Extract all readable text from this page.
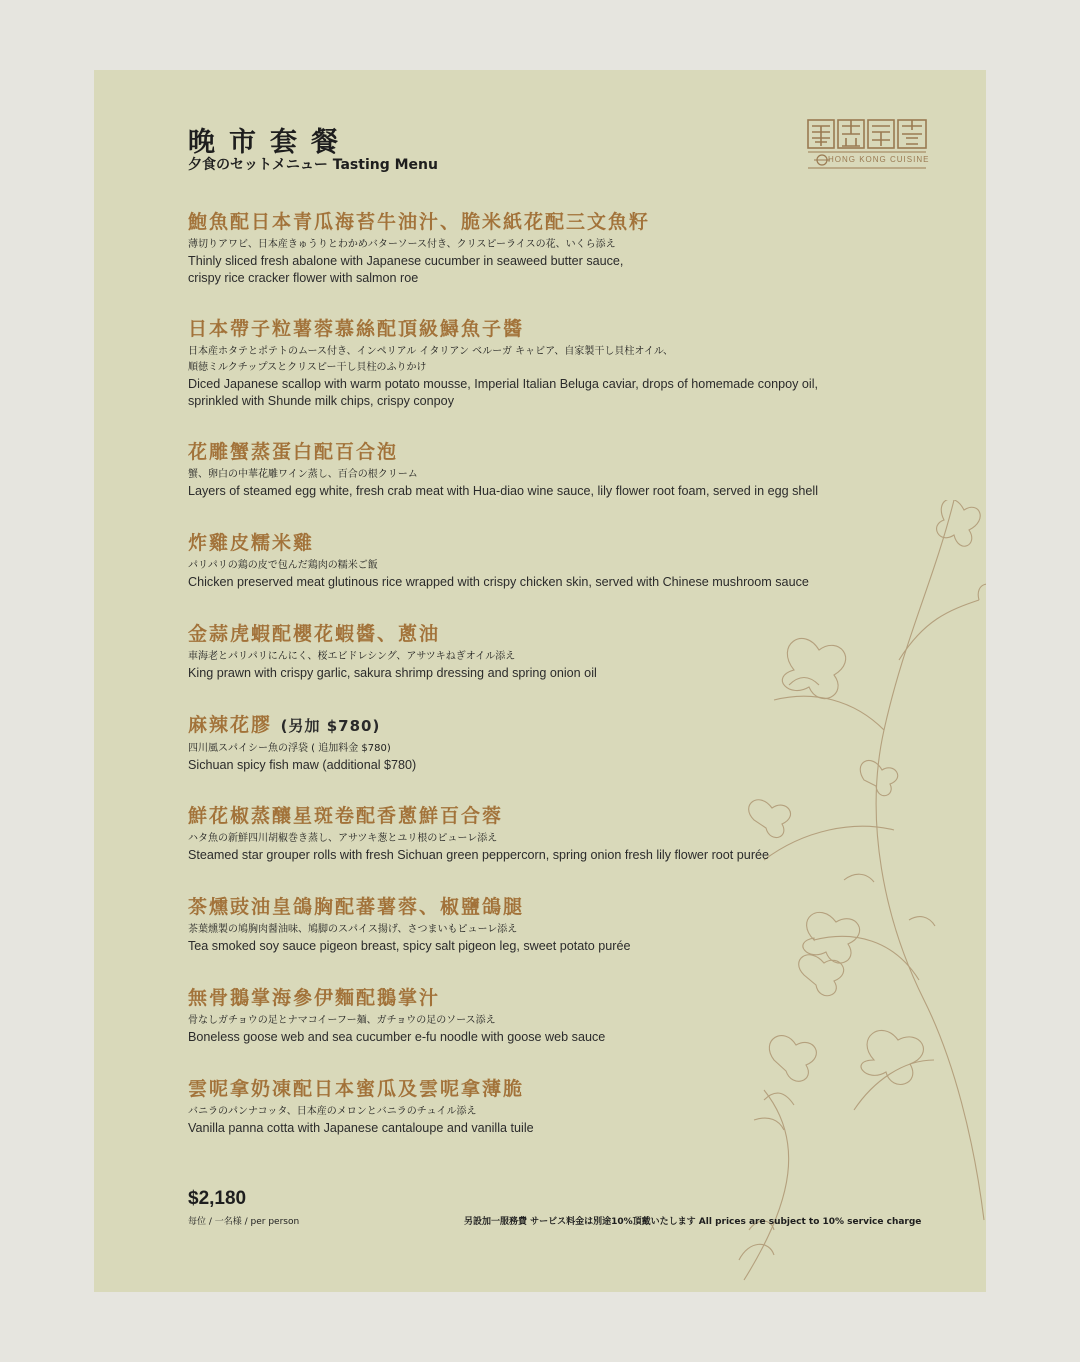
晚市套餐

夕食のセットメニュー Tasting Menu	HONG KONG CUISINE

鮑魚配日本青瓜海苔牛油汁、脆米紙花配三文魚籽

薄切りアワビ、日本産きゅうりとわかめバターソース付き、クリスピーライスの花、いくら添え

Thinly sliced fresh abalone with Japanese cucumber in seaweed butter sauce,
crispy rice cracker flower with salmon roe

日本帶子粒薯蓉慕絲配頂級鱘魚子醬

日本産ホタテとポテトのムース付き、インペリアル イタリアン ベルーガ キャビア、自家製干し貝柱オイル、
順徳ミルクチップスとクリスピー干し貝柱のふりかけ

Diced Japanese scallop with warm potato mousse, Imperial Italian Beluga caviar, drops of homemade conpoy oil,
sprinkled with Shunde milk chips, crispy conpoy

花雕蟹蒸蛋白配百合泡

蟹、卵白の中華花雕ワイン蒸し、百合の根クリーム

Layers of steamed egg white, fresh crab meat with Hua-diao wine sauce, lily flower root foam, served in egg shell

炸雞皮糯米雞

パリパリの鶏の皮で包んだ鶏肉の糯米ご飯

Chicken preserved meat glutinous rice wrapped with crispy chicken skin, served with Chinese mushroom sauce

金蒜虎蝦配櫻花蝦醬、蔥油

車海老とパリパリにんにく、桜エビドレシング、アサツキねぎオイル添え

King prawn with crispy garlic, sakura shrimp dressing and spring onion oil

麻辣花膠 (另加 $780)

四川風スパイシー魚の浮袋 ( 追加料金 $780)

Sichuan spicy fish maw (additional $780)

鮮花椒蒸釀星斑卷配香蔥鮮百合蓉

ハタ魚の新鮮四川胡椒巻き蒸し、アサツキ葱とユリ根のピューレ添え

Steamed star grouper rolls with fresh Sichuan green peppercorn, spring onion fresh lily flower root purée

茶燻豉油皇鴿胸配蕃薯蓉、椒鹽鴿腿

茶葉燻製の鳩胸肉醤油味、鳩脚のスパイス揚げ、さつまいもピューレ添え

Tea smoked soy sauce pigeon breast, spicy salt pigeon leg, sweet potato purée

無骨鵝掌海參伊麵配鵝掌汁

骨なしガチョウの足とナマコイーフー麺、ガチョウの足のソース添え

Boneless goose web and sea cucumber e-fu noodle with goose web sauce

雲呢拿奶凍配日本蜜瓜及雲呢拿薄脆

バニラのパンナコッタ、日本産のメロンとバニラのチュイル添え

Vanilla panna cotta with Japanese cantaloupe and vanilla tuile

$2,180

每位 / 一名様 / per person	另設加一服務費 サービス料金は別途10%頂戴いたします All prices are subject to 10% service charge
